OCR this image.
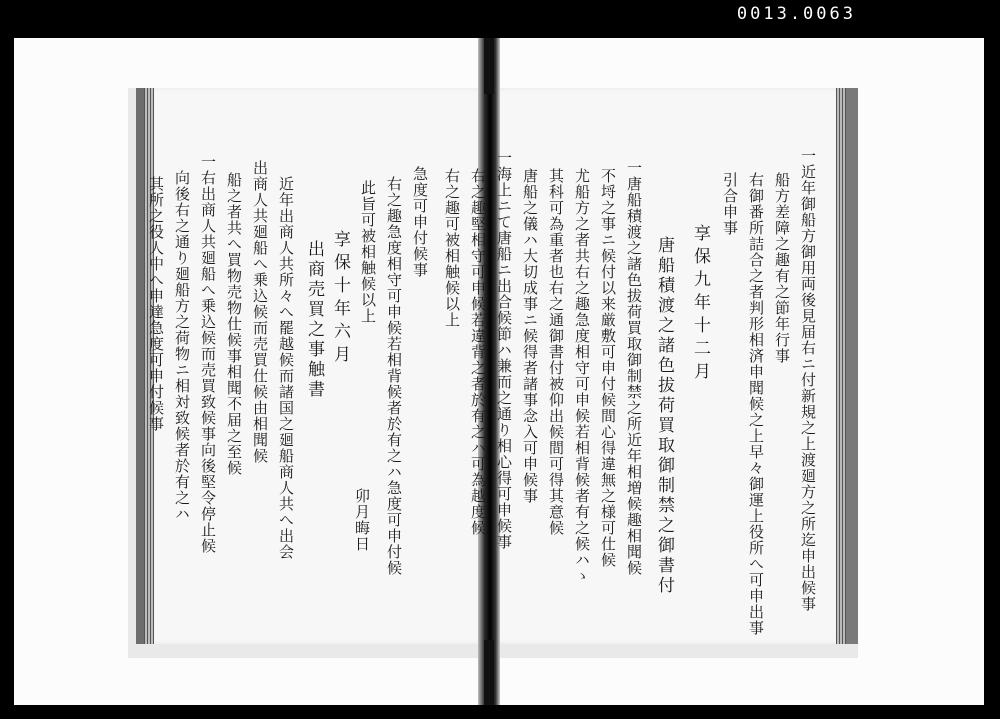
0013.0063
一近年御船方御用両後見届右ニ付新規之上渡廻方之所迄申出候事
船方差障之趣有之節年行事
右御番所詰合之者判形相済申聞候之上早々御運上役所へ可申出事
引合申事
享保九年十二月
唐船積渡之諸色拔荷買取御制禁之御書付
一唐船積渡之諸色拔荷買取御制禁之所近年相増候趣相聞候
不埒之事ニ候付以来厳敷可申付候間心得違無之様可仕候
尤船方之者共右之趣急度相守可申候若相背候者有之候ハゝ
其科可為重者也右之通御書付被仰出候間可得其意候
唐船之儀ハ大切成事ニ候得者諸事念入可申候事
一海上ニて唐船ニ出合候節ハ兼而之通り相心得可申候事
右之趣堅相守可申候若違背之者於有之ハ可為越度候
右之趣可被相触候以上
急度可申付候事
右之趣急度相守可申候若相背候者於有之ハ急度可申付候
此旨可被相触候以上
享保十年六月
卯月晦日
出商売買之事触書
近年出商人共所々へ罷越候而諸国之廻船商人共へ出会
出商人共廻船へ乗込候而売買仕候由相聞候
船之者共へ買物売物仕候事相聞不届之至候
一右出商人共廻船へ乗込候而売買致候事向後堅令停止候
向後右之通り廻船方之荷物ニ相対致候者於有之ハ
其所之役人中へ申達急度可申付候事
